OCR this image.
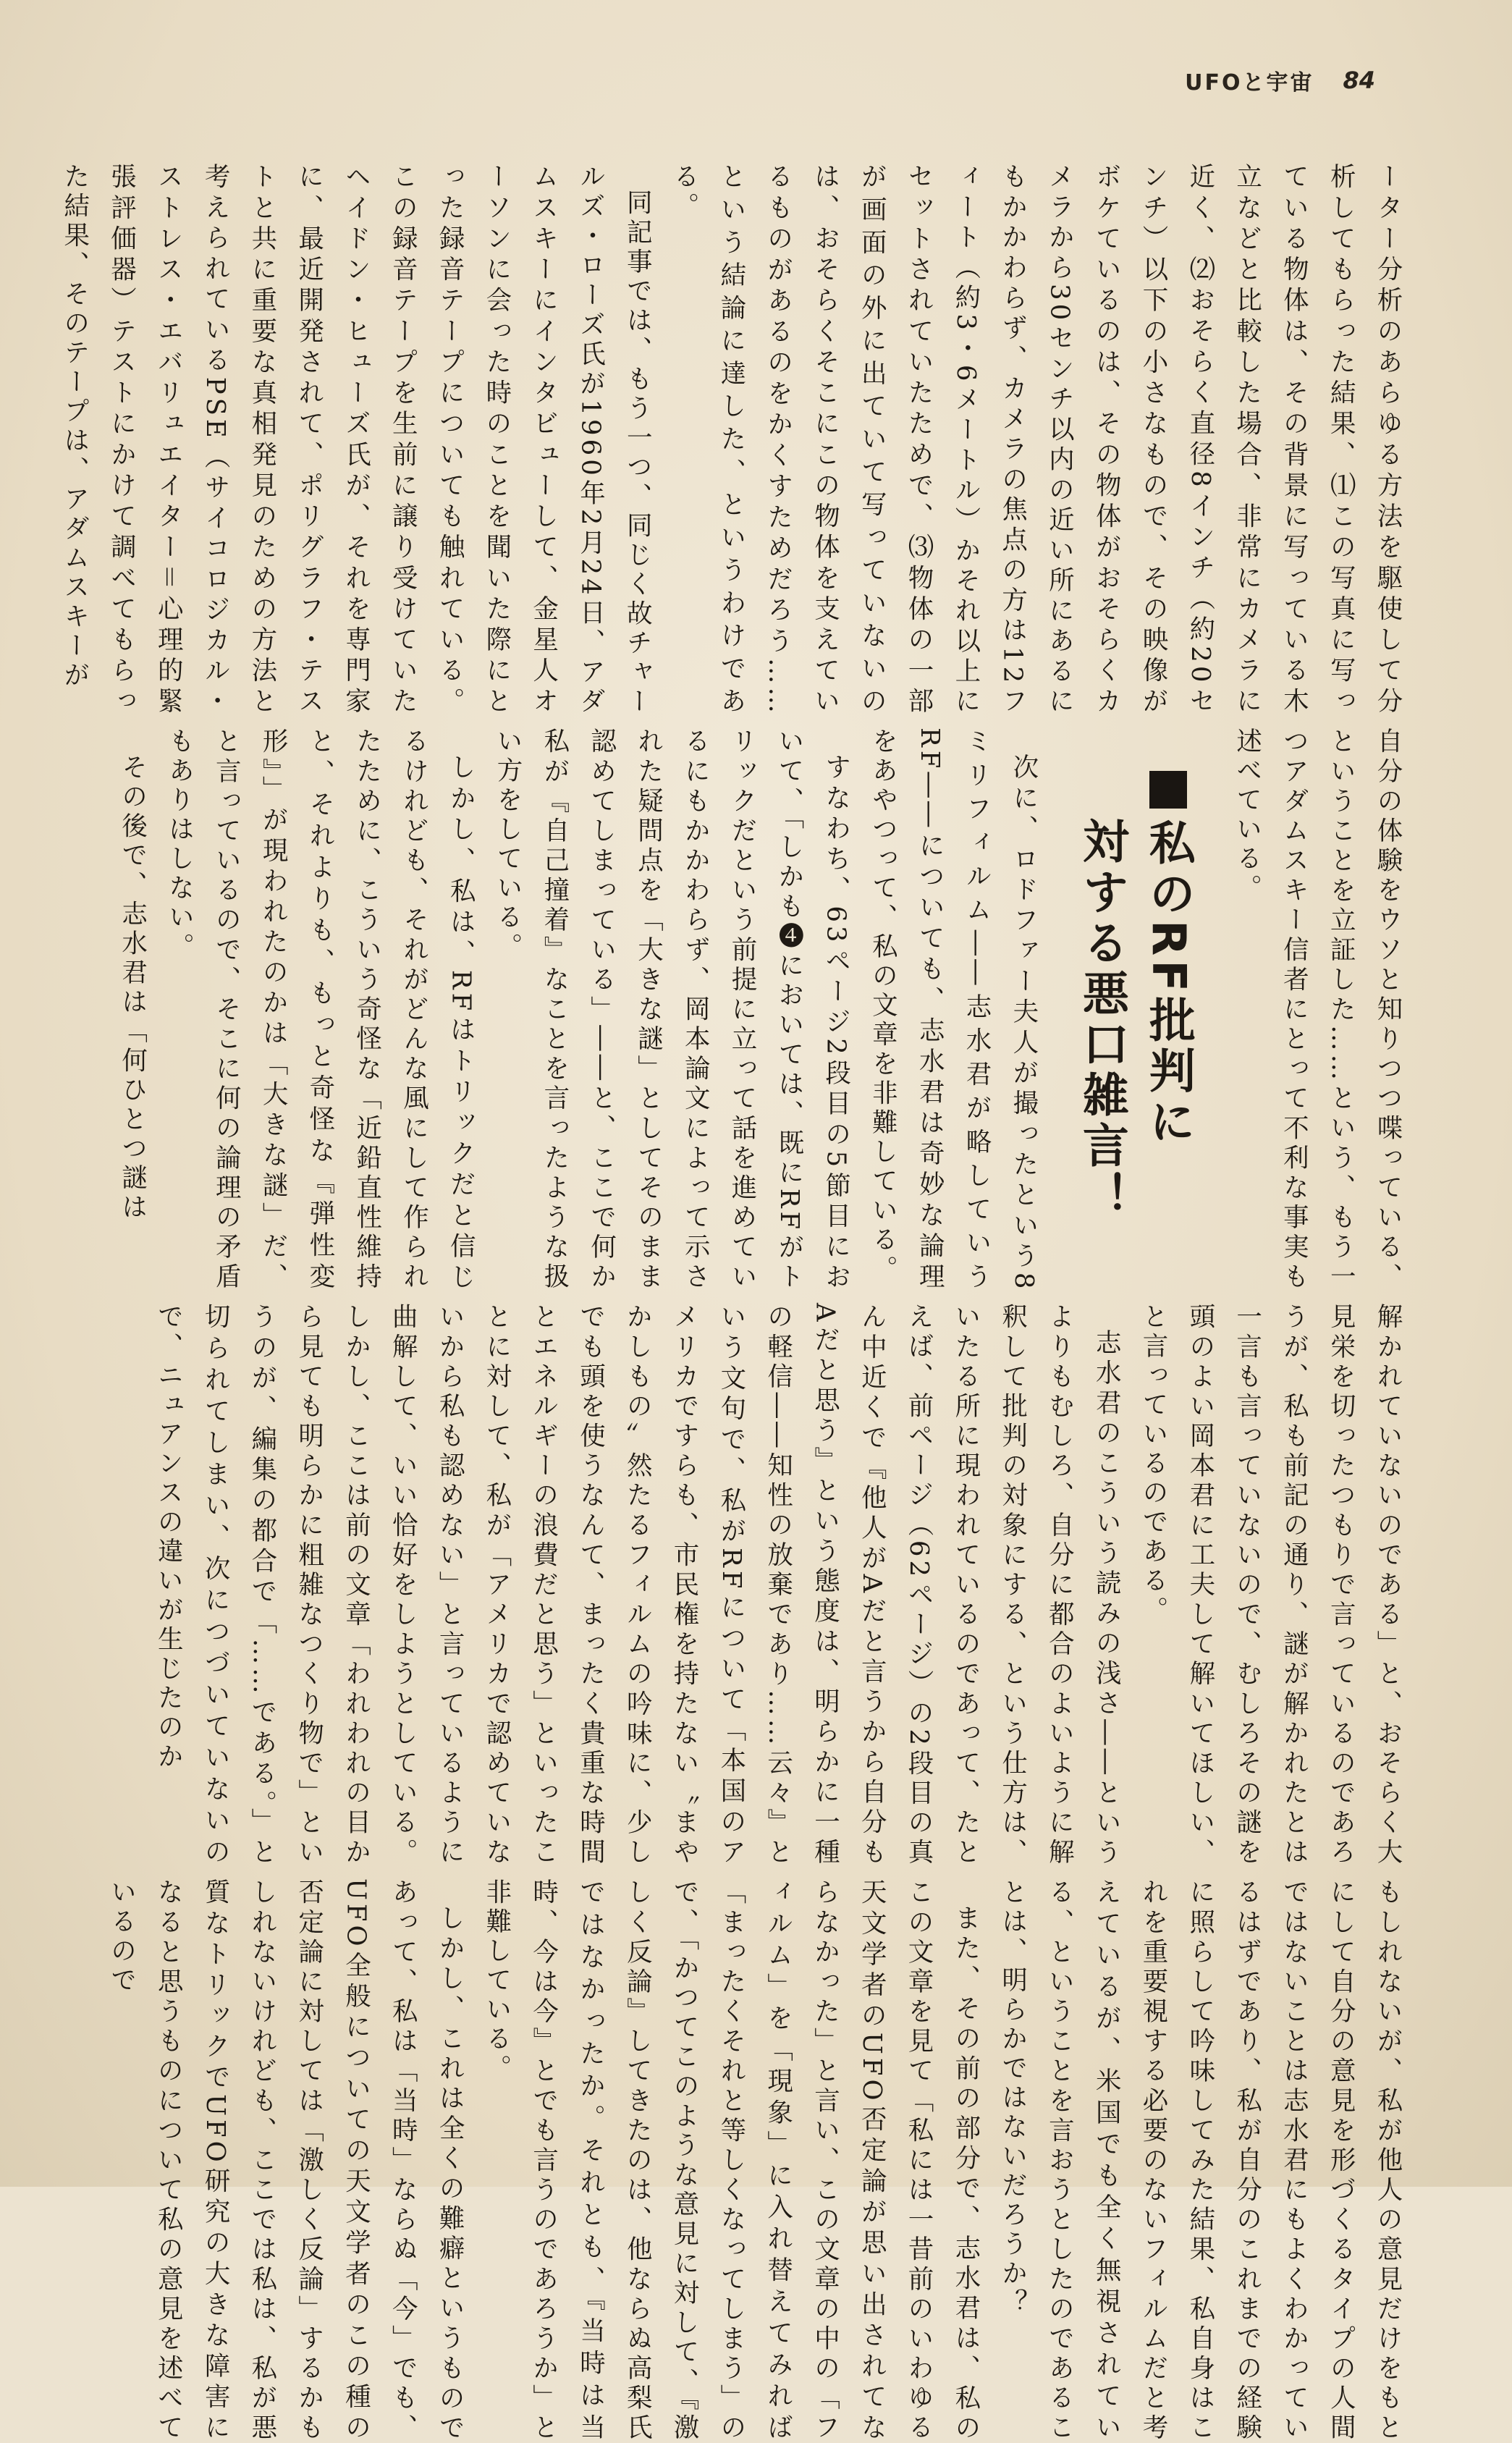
UFOと宇宙 84

ーター分析のあらゆる方法を駆使して分析してもらった結果、⑴この写真に写っている物体は、その背景に写っている木立などと比較した場合、非常にカメラに近く、⑵おそらく直径8インチ（約20センチ）以下の小さなもので、その映像がボケているのは、その物体がおそらくカメラから30センチ以内の近い所にあるにもかかわらず、カメラの焦点の方は12フィート（約3・6メートル）かそれ以上にセットされていたためで、⑶物体の一部が画面の外に出ていて写っていないのは、おそらくそこにこの物体を支えているものがあるのをかくすためだろう……という結論に達した、というわけである。

同記事では、もう一つ、同じく故チャールズ・ローズ氏が1960年2月24日、アダムスキーにインタビューして、金星人オーソンに会った時のことを聞いた際にとった録音テープについても触れている。この録音テープを生前に譲り受けていたヘイドン・ヒューズ氏が、それを専門家に、最近開発されて、ポリグラフ・テストと共に重要な真相発見のための方法と考えられているPSE（サイコロジカル・ストレス・エバリュエイター＝心理的緊張評価器）テストにかけて調べてもらった結果、そのテープは、アダムスキーが

自分の体験をウソと知りつつ喋っている、ということを立証した……という、もう一つアダムスキー信者にとって不利な事実も述べている。

私のRF批判に
対する悪口雑言！

次に、ロドファー夫人が撮ったという8ミリフィルム――志水君が略していうRF――についても、志水君は奇妙な論理をあやつって、私の文章を非難している。

すなわち、63ページ2段目の5節目において、「しかも❹においては、既にRFがトリックだという前提に立って話を進めているにもかかわらず、岡本論文によって示された疑問点を「大きな謎」としてそのまま認めてしまっている」――と、ここで何か私が『自己撞着』なことを言ったような扱い方をしている。

しかし、私は、RFはトリックだと信じるけれども、それがどんな風にして作られたために、こういう奇怪な「近鉛直性維持と、それよりも、もっと奇怪な『弾性変形』」が現われたのかは「大きな謎」だ、と言っているので、そこに何の論理の矛盾もありはしない。

その後で、志水君は「何ひとつ謎は

解かれていないのである」と、おそらく大見栄を切ったつもりで言っているのであろうが、私も前記の通り、謎が解かれたとは一言も言っていないので、むしろその謎を頭のよい岡本君に工夫して解いてほしい、と言っているのである。

志水君のこういう読みの浅さ――というよりもむしろ、自分に都合のよいように解釈して批判の対象にする、という仕方は、いたる所に現われているのであって、たとえば、前ページ（62ページ）の2段目の真ん中近くで『他人がAだと言うから自分もAだと思う』という態度は、明らかに一種の軽信――知性の放棄であり……云々』という文句で、私がRFについて「本国のアメリカですらも、市民権を持たない〝まやかしもの〟然たるフィルムの吟味に、少しでも頭を使うなんて、まったく貴重な時間とエネルギーの浪費だと思う」といったことに対して、私が「アメリカで認めていないから私も認めない」と言っているように曲解して、いい恰好をしようとしている。しかし、ここは前の文章「われわれの目から見ても明らかに粗雑なつくり物で」というのが、編集の都合で「……である。」と切られてしまい、次につづいていないので、ニュアンスの違いが生じたのか

もしれないが、私が他人の意見だけをもとにして自分の意見を形づくるタイプの人間ではないことは志水君にもよくわかっているはずであり、私が自分のこれまでの経験に照らして吟味してみた結果、私自身はこれを重要視する必要のないフィルムだと考えているが、米国でも全く無視されている、ということを言おうとしたのであることは、明らかではないだろうか？

また、その前の部分で、志水君は、私のこの文章を見て「私には一昔前のいわゆる天文学者のUFO否定論が思い出されてならなかった」と言い、この文章の中の「フィルム」を「現象」に入れ替えてみれば「まったくそれと等しくなってしまう」ので、「かつてこのような意見に対して、『激しく反論』してきたのは、他ならぬ高梨氏ではなかったか。それとも、『当時は当時、今は今』とでも言うのであろうか」と非難している。

しかし、これは全くの難癖というものであって、私は「当時」ならぬ「今」でも、UFO全般についての天文学者のこの種の否定論に対しては「激しく反論」するかもしれないけれども、ここでは私は、私が悪質なトリックでUFO研究の大きな障害になると思うものについて私の意見を述べているので
